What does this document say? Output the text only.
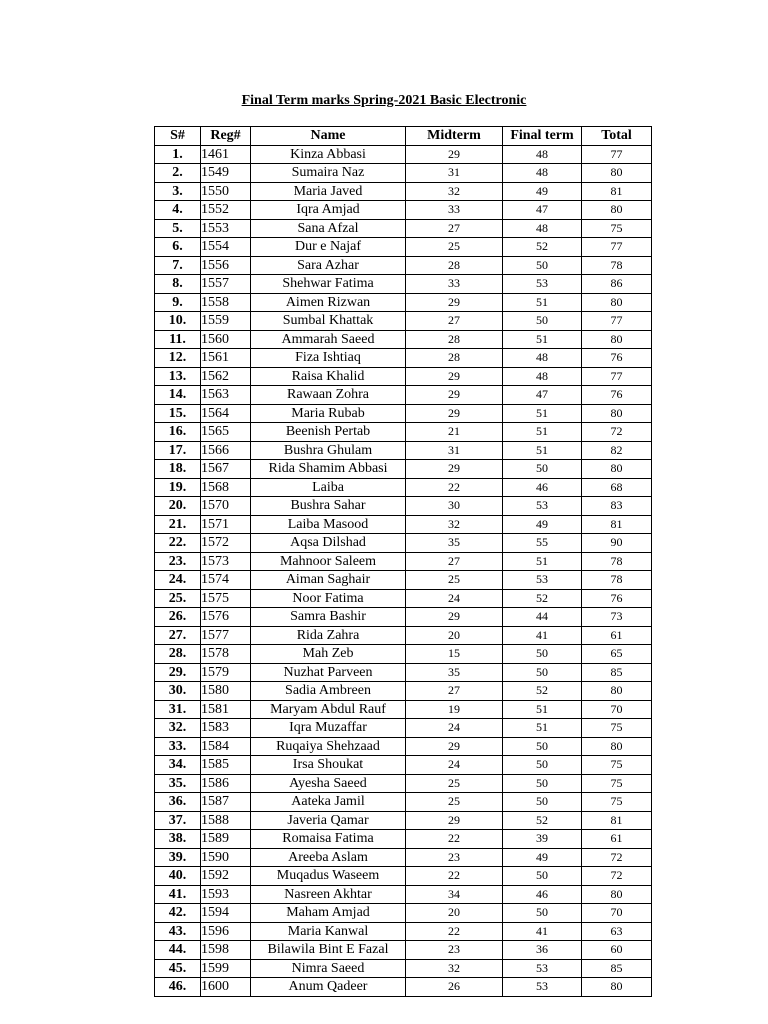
Final Term marks Spring-2021 Basic Electronic
S#	Reg#	Name	Midterm	Final term	Total
1.	1461	Kinza Abbasi	29	48	77
2.	1549	Sumaira Naz	31	48	80
3.	1550	Maria Javed	32	49	81
4.	1552	Iqra Amjad	33	47	80
5.	1553	Sana Afzal	27	48	75
6.	1554	Dur e Najaf	25	52	77
7.	1556	Sara Azhar	28	50	78
8.	1557	Shehwar Fatima	33	53	86
9.	1558	Aimen Rizwan	29	51	80
10.	1559	Sumbal Khattak	27	50	77
11.	1560	Ammarah Saeed	28	51	80
12.	1561	Fiza Ishtiaq	28	48	76
13.	1562	Raisa Khalid	29	48	77
14.	1563	Rawaan Zohra	29	47	76
15.	1564	Maria Rubab	29	51	80
16.	1565	Beenish Pertab	21	51	72
17.	1566	Bushra Ghulam	31	51	82
18.	1567	Rida Shamim Abbasi	29	50	80
19.	1568	Laiba	22	46	68
20.	1570	Bushra Sahar	30	53	83
21.	1571	Laiba Masood	32	49	81
22.	1572	Aqsa Dilshad	35	55	90
23.	1573	Mahnoor Saleem	27	51	78
24.	1574	Aiman Saghair	25	53	78
25.	1575	Noor Fatima	24	52	76
26.	1576	Samra Bashir	29	44	73
27.	1577	Rida Zahra	20	41	61
28.	1578	Mah Zeb	15	50	65
29.	1579	Nuzhat Parveen	35	50	85
30.	1580	Sadia Ambreen	27	52	80
31.	1581	Maryam Abdul Rauf	19	51	70
32.	1583	Iqra Muzaffar	24	51	75
33.	1584	Ruqaiya Shehzaad	29	50	80
34.	1585	Irsa Shoukat	24	50	75
35.	1586	Ayesha Saeed	25	50	75
36.	1587	Aateka Jamil	25	50	75
37.	1588	Javeria Qamar	29	52	81
38.	1589	Romaisa Fatima	22	39	61
39.	1590	Areeba Aslam	23	49	72
40.	1592	Muqadus Waseem	22	50	72
41.	1593	Nasreen Akhtar	34	46	80
42.	1594	Maham Amjad	20	50	70
43.	1596	Maria Kanwal	22	41	63
44.	1598	Bilawila Bint E Fazal	23	36	60
45.	1599	Nimra Saeed	32	53	85
46.	1600	Anum Qadeer	26	53	80
